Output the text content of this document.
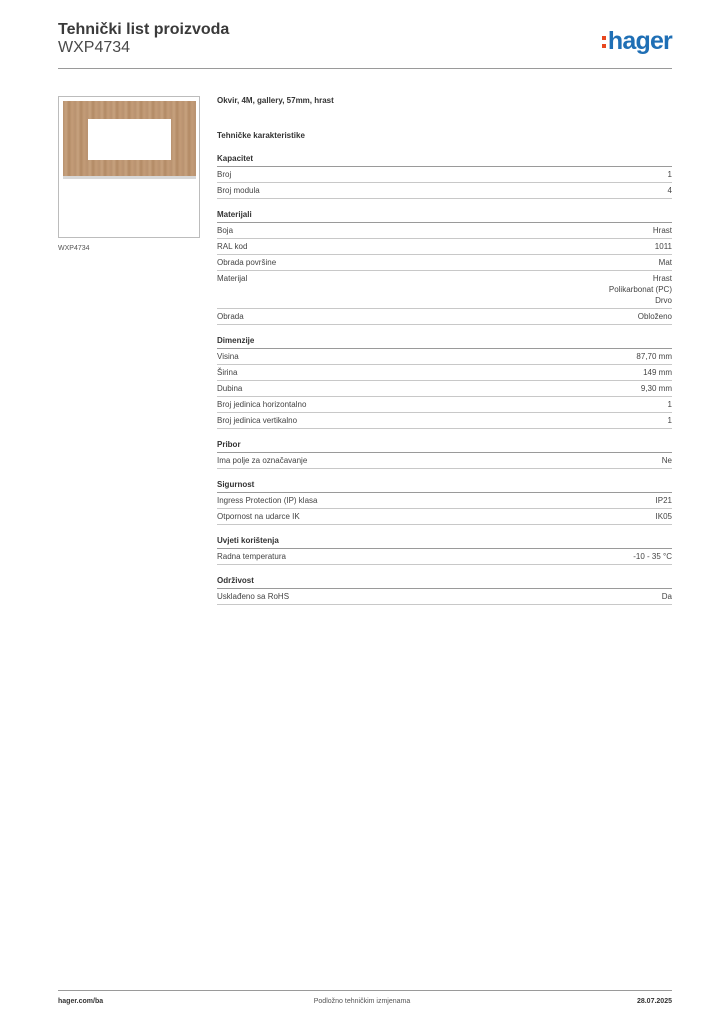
Tehnički list proizvoda
WXP4734	hager
WXP4734
Okvir, 4M, gallery, 57mm, hrast
Tehničke karakteristike
Kapacitet
Broj	1
Broj modula	4
Materijali
Boja	Hrast
RAL kod	1011
Obrada površine	Mat
Materijal	Hrast
Polikarbonat (PC)
Drvo
Obrada	Obloženo
Dimenzije
Visina	87,70 mm
Širina	149 mm
Dubina	9,30 mm
Broj jedinica horizontalno	1
Broj jedinica vertikalno	1
Pribor
Ima polje za označavanje	Ne
Sigurnost
Ingress Protection (IP) klasa	IP21
Otpornost na udarce IK	IK05
Uvjeti korištenja
Radna temperatura	-10 - 35 °C
Održivost
Usklađeno sa RoHS	Da
hager.com/ba	Podložno tehničkim izmjenama	28.07.2025
